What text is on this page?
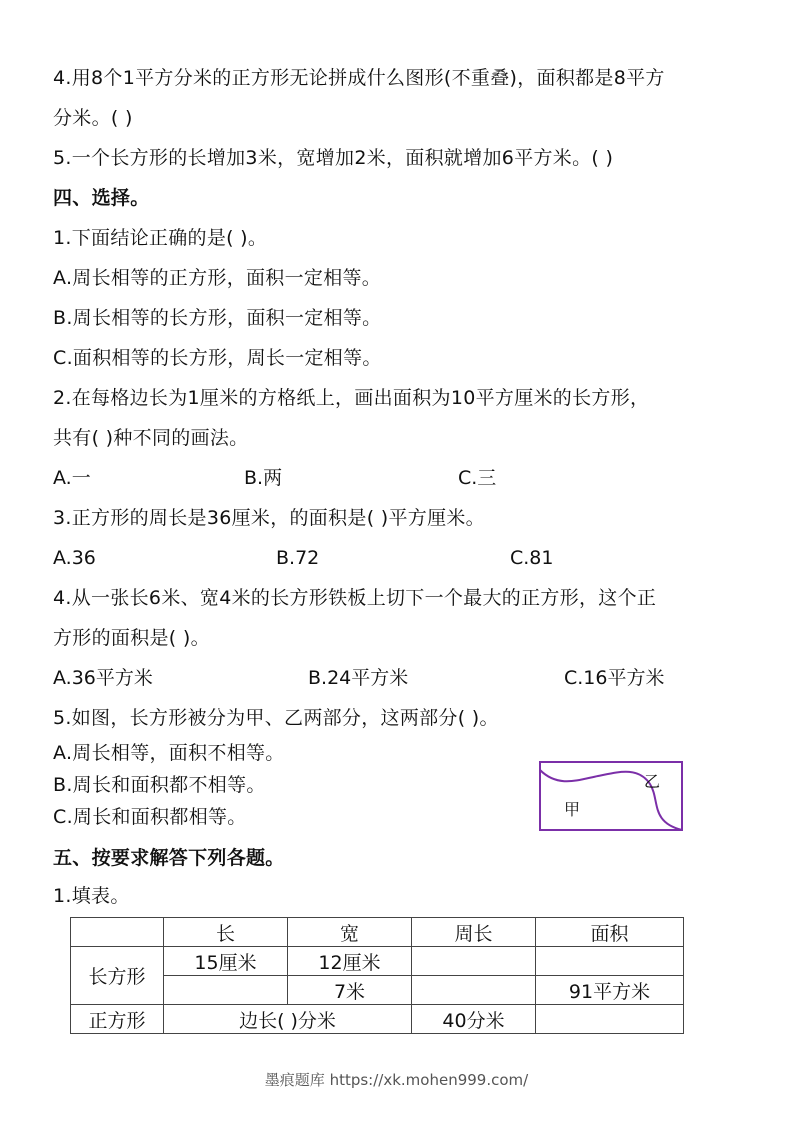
4.用8个1平方分米的正方形无论拼成什么图形(不重叠)，面积都是8平方
分米。( )
5.一个长方形的长增加3米，宽增加2米，面积就增加6平方米。( )
四、选择。
1.下面结论正确的是( )。
A.周长相等的正方形，面积一定相等。
B.周长相等的长方形，面积一定相等。
C.面积相等的长方形，周长一定相等。
2.在每格边长为1厘米的方格纸上，画出面积为10平方厘米的长方形，
共有( )种不同的画法。
A.一	B.两	C.三
3.正方形的周长是36厘米，的面积是( )平方厘米。
A.36	B.72	C.81
4.从一张长6米、宽4米的长方形铁板上切下一个最大的正方形，这个正
方形的面积是( )。
A.36平方米	B.24平方米	C.16平方米
5.如图，长方形被分为甲、乙两部分，这两部分( )。
A.周长相等，面积不相等。
B.周长和面积都不相等。
C.周长和面积都相等。	甲
乙
五、按要求解答下列各题。
1.填表。
	长	宽	周长	面积
长方形	15厘米	12厘米		
		7米		91平方米
正方形	边长( )分米		40分米	
墨痕题库 https://xk.mohen999.com/
